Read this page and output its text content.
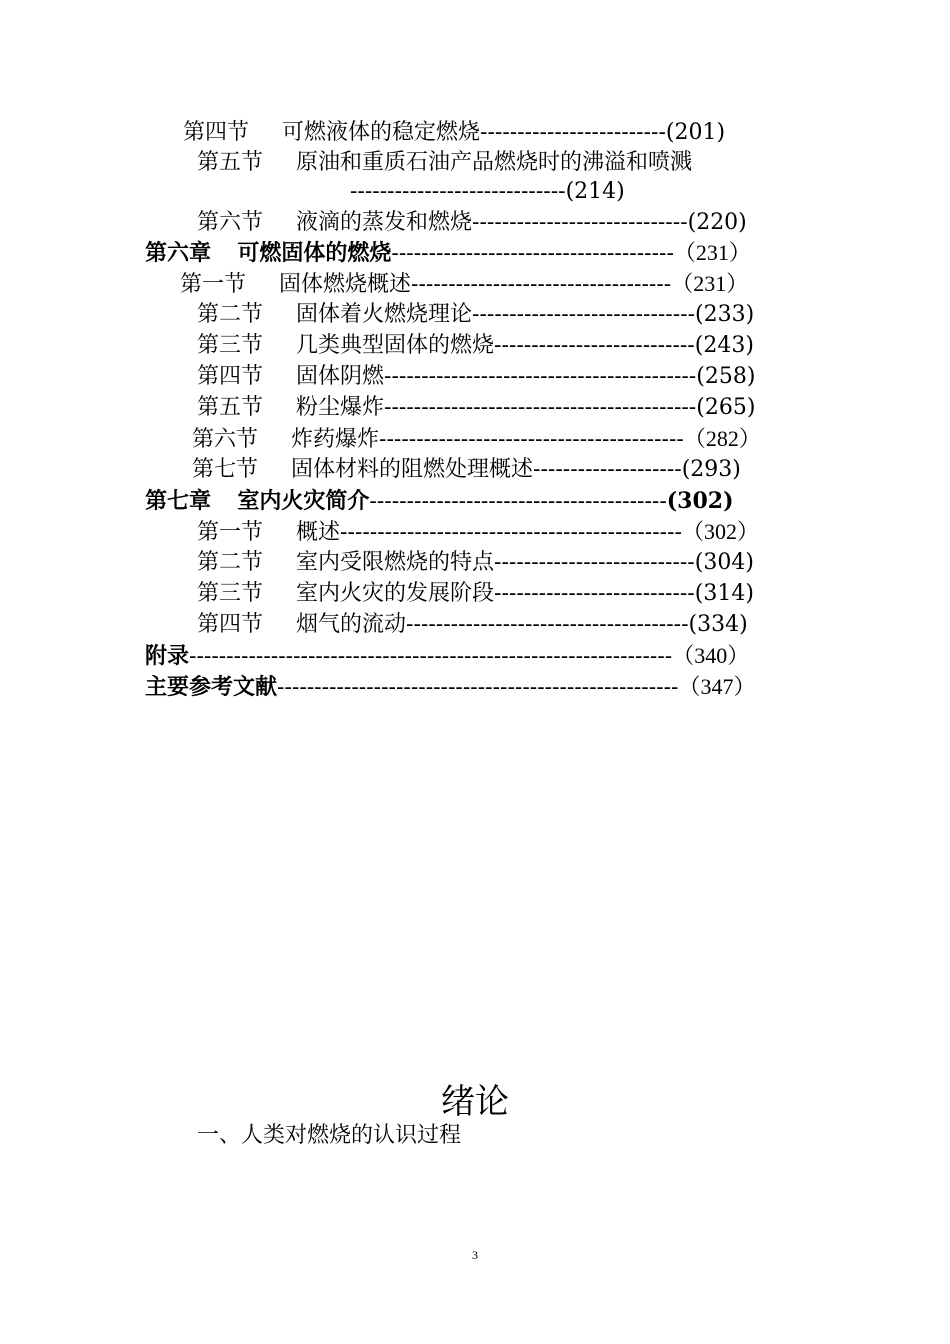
第四节 可燃液体的稳定燃烧-------------------------(201)
第五节 原油和重质石油产品燃烧时的沸溢和喷溅
-----------------------------(214)
第六节 液滴的蒸发和燃烧-----------------------------(220)
第六章 可燃固体的燃烧--------------------------------------（231）
第一节 固体燃烧概述-----------------------------------（231）
第二节 固体着火燃烧理论------------------------------(233)
第三节 几类典型固体的燃烧---------------------------(243)
第四节 固体阴燃------------------------------------------(258)
第五节 粉尘爆炸------------------------------------------(265)
第六节 炸药爆炸-----------------------------------------（282）
第七节 固体材料的阻燃处理概述--------------------(293)
第七章 室内火灾简介----------------------------------------(302)
第一节 概述----------------------------------------------（302）
第二节 室内受限燃烧的特点---------------------------(304)
第三节 室内火灾的发展阶段---------------------------(314)
第四节 烟气的流动--------------------------------------(334)
附录-----------------------------------------------------------------（340）
主要参考文献------------------------------------------------------（347）
绪论
一、人类对燃烧的认识过程
3
